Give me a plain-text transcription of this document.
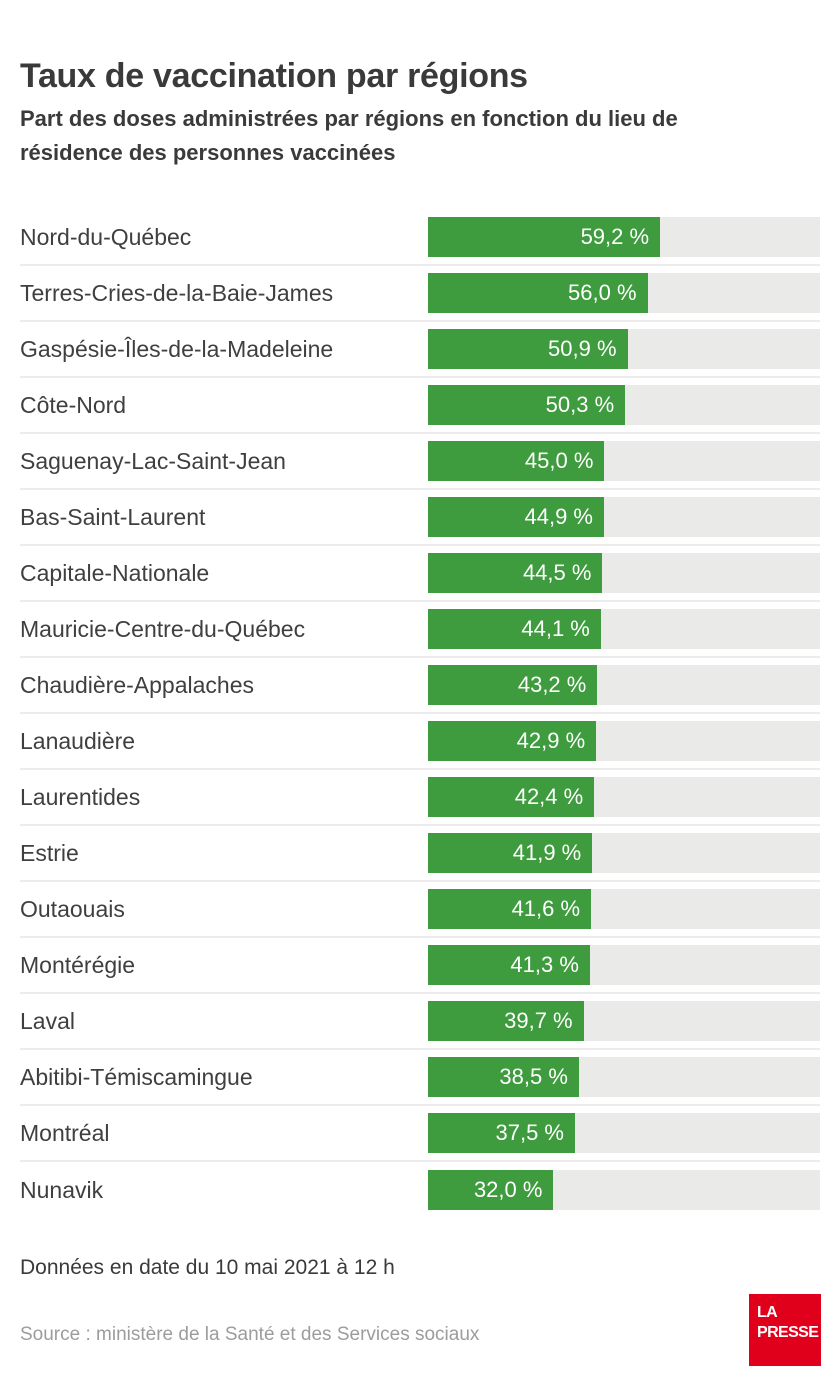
Taux de vaccination par régions
Part des doses administrées par régions en fonction du lieu de résidence des personnes vaccinées
Nord-du-Québec	59,2 %
Terres-Cries-de-la-Baie-James	56,0 %
Gaspésie-Îles-de-la-Madeleine	50,9 %
Côte-Nord	50,3 %
Saguenay-Lac-Saint-Jean	45,0 %
Bas-Saint-Laurent	44,9 %
Capitale-Nationale	44,5 %
Mauricie-Centre-du-Québec	44,1 %
Chaudière-Appalaches	43,2 %
Lanaudière	42,9 %
Laurentides	42,4 %
Estrie	41,9 %
Outaouais	41,6 %
Montérégie	41,3 %
Laval	39,7 %
Abitibi-Témiscamingue	38,5 %
Montréal	37,5 %
Nunavik	32,0 %
Données en date du 10 mai 2021 à 12 h
Source : ministère de la Santé et des Services sociaux
LA
PRESSE
